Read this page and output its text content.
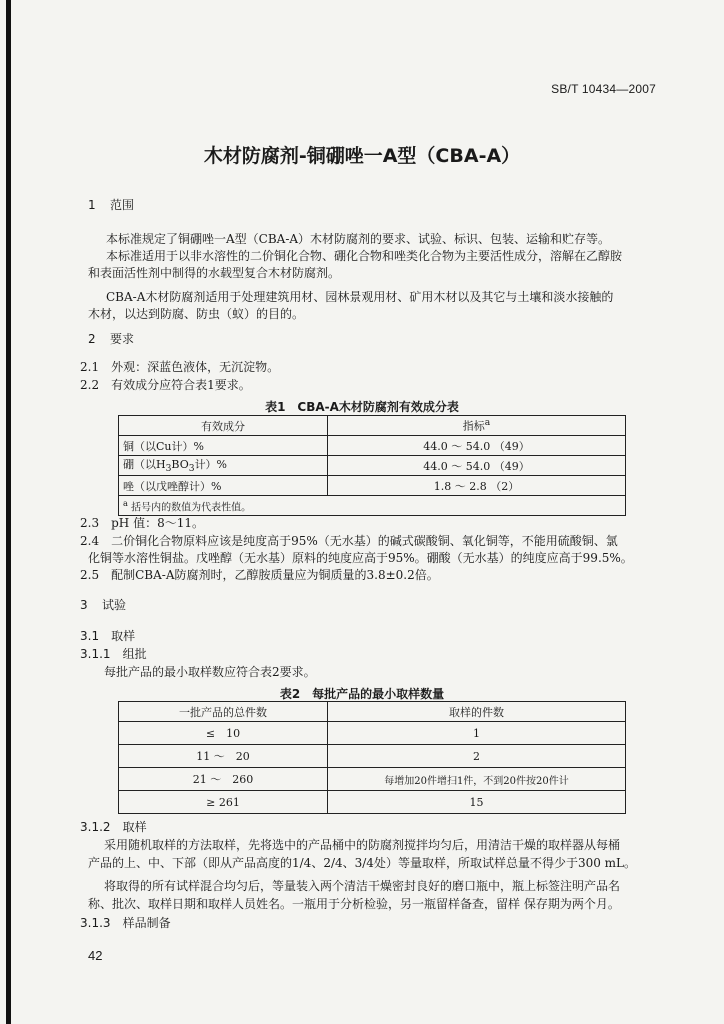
SB/T 10434—2007
木材防腐剂-铜硼唑一A型（CBA-A）
1 范围
本标准规定了铜硼唑一A型（CBA-A）木材防腐剂的要求、试验、标识、包装、运输和贮存等。
本标准适用于以非水溶性的二价铜化合物、硼化合物和唑类化合物为主要活性成分，溶解在乙醇胺
和表面活性剂中制得的水载型复合木材防腐剂。
CBA-A木材防腐剂适用于处理建筑用材、园林景观用材、矿用木材以及其它与土壤和淡水接触的
木材，以达到防腐、防虫（蚁）的目的。
2 要求
2.1　 外观：深蓝色液体，无沉淀物。
2.2　 有效成分应符合表1要求。
表1　CBA-A木材防腐剂有效成分表
有效成分	指标$^a$
铜（以Cu计）%	44.0 ～ 54.0 （49）
硼（以$H_3BO_3$计）%	44.0 ～ 54.0 （49）
唑（以戊唑醇计）%	1.8 ～ 2.8 （2）
$^a$ 括号内的数值为代表性值。	
2.3　 pH 值：8～11。
2.4　 二价铜化合物原料应该是纯度高于95%（无水基）的碱式碳酸铜、氧化铜等，不能用硫酸铜、氯
化铜等水溶性铜盐。戊唑醇（无水基）原料的纯度应高于95%。硼酸（无水基）的纯度应高于99.5%。
2.5　 配制CBA-A防腐剂时，乙醇胺质量应为铜质量的3.8±0.2倍。
3 试验
3.1　 取样
3.1.1　 组批
每批产品的最小取样数应符合表2要求。
表2　每批产品的最小取样数量
一批产品的总件数	取样的件数
≤　10	1
11 ～　20	2
21 ～　260	每增加20件增扫1件，不到20件按20件计
≥ 261	15
3.1.2　 取样
采用随机取样的方法取样，先将选中的产品桶中的防腐剂搅拌均匀后，用清洁干燥的取样器从每桶
产品的上、中、下部（即从产品高度的1/4、2/4、3/4处）等量取样，所取试样总量不得少于300 mL。
将取得的所有试样混合均匀后，等量装入两个清洁干燥密封良好的磨口瓶中，瓶上标签注明产品名
称、批次、取样日期和取样人员姓名。一瓶用于分析检验，另一瓶留样备查，留样 保存期为两个月。
3.1.3　 样品制备
42
